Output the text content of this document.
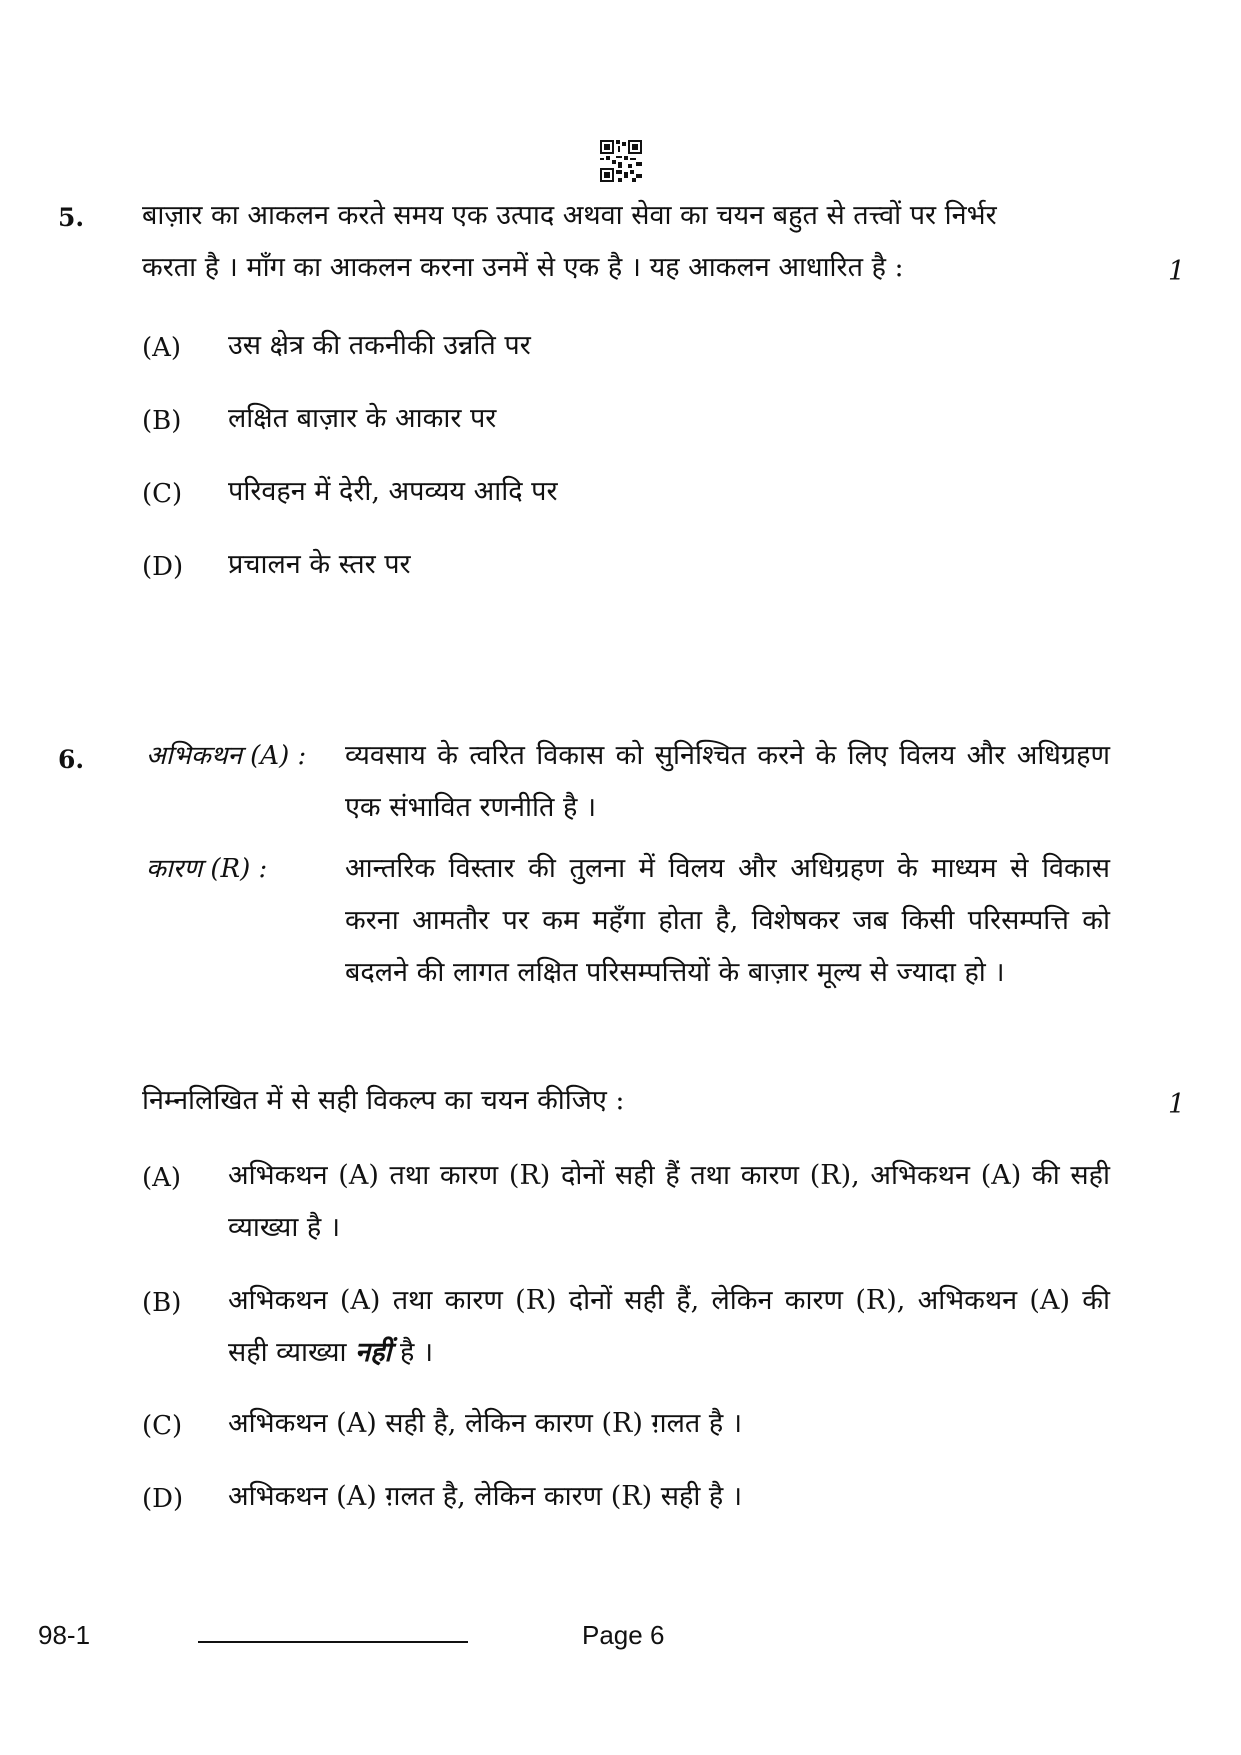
5. बाज़ार का आकलन करते समय एक उत्पाद अथवा सेवा का चयन बहुत से तत्त्वों पर निर्भर
करता है । माँग का आकलन करना उनमें से एक है । यह आकलन आधारित है :	1
(A) उस क्षेत्र की तकनीकी उन्नति पर
(B) लक्षित बाज़ार के आकार पर
(C) परिवहन में देरी, अपव्यय आदि पर
(D) प्रचालन के स्तर पर
6. अभिकथन (A) : व्यवसाय के त्वरित विकास को सुनिश्चित करने के लिए विलय और अधिग्रहण एक संभावित रणनीति है ।
कारण (R) :	आन्तरिक विस्तार की तुलना में विलय और अधिग्रहण के माध्यम से विकास करना आमतौर पर कम महँगा होता है, विशेषकर जब किसी परिसम्पत्ति को बदलने की लागत लक्षित परिसम्पत्तियों के बाज़ार मूल्य से ज्यादा हो ।
निम्नलिखित में से सही विकल्प का चयन कीजिए :	1
(A) अभिकथन (A) तथा कारण (R) दोनों सही हैं तथा कारण (R), अभिकथन (A) की सही व्याख्या है ।
(B) अभिकथन (A) तथा कारण (R) दोनों सही हैं, लेकिन कारण (R), अभिकथन (A) की सही व्याख्या नहीं है ।
(C) अभिकथन (A) सही है, लेकिन कारण (R) ग़लत है ।
(D) अभिकथन (A) ग़लत है, लेकिन कारण (R) सही है ।
98-1	Page 6
